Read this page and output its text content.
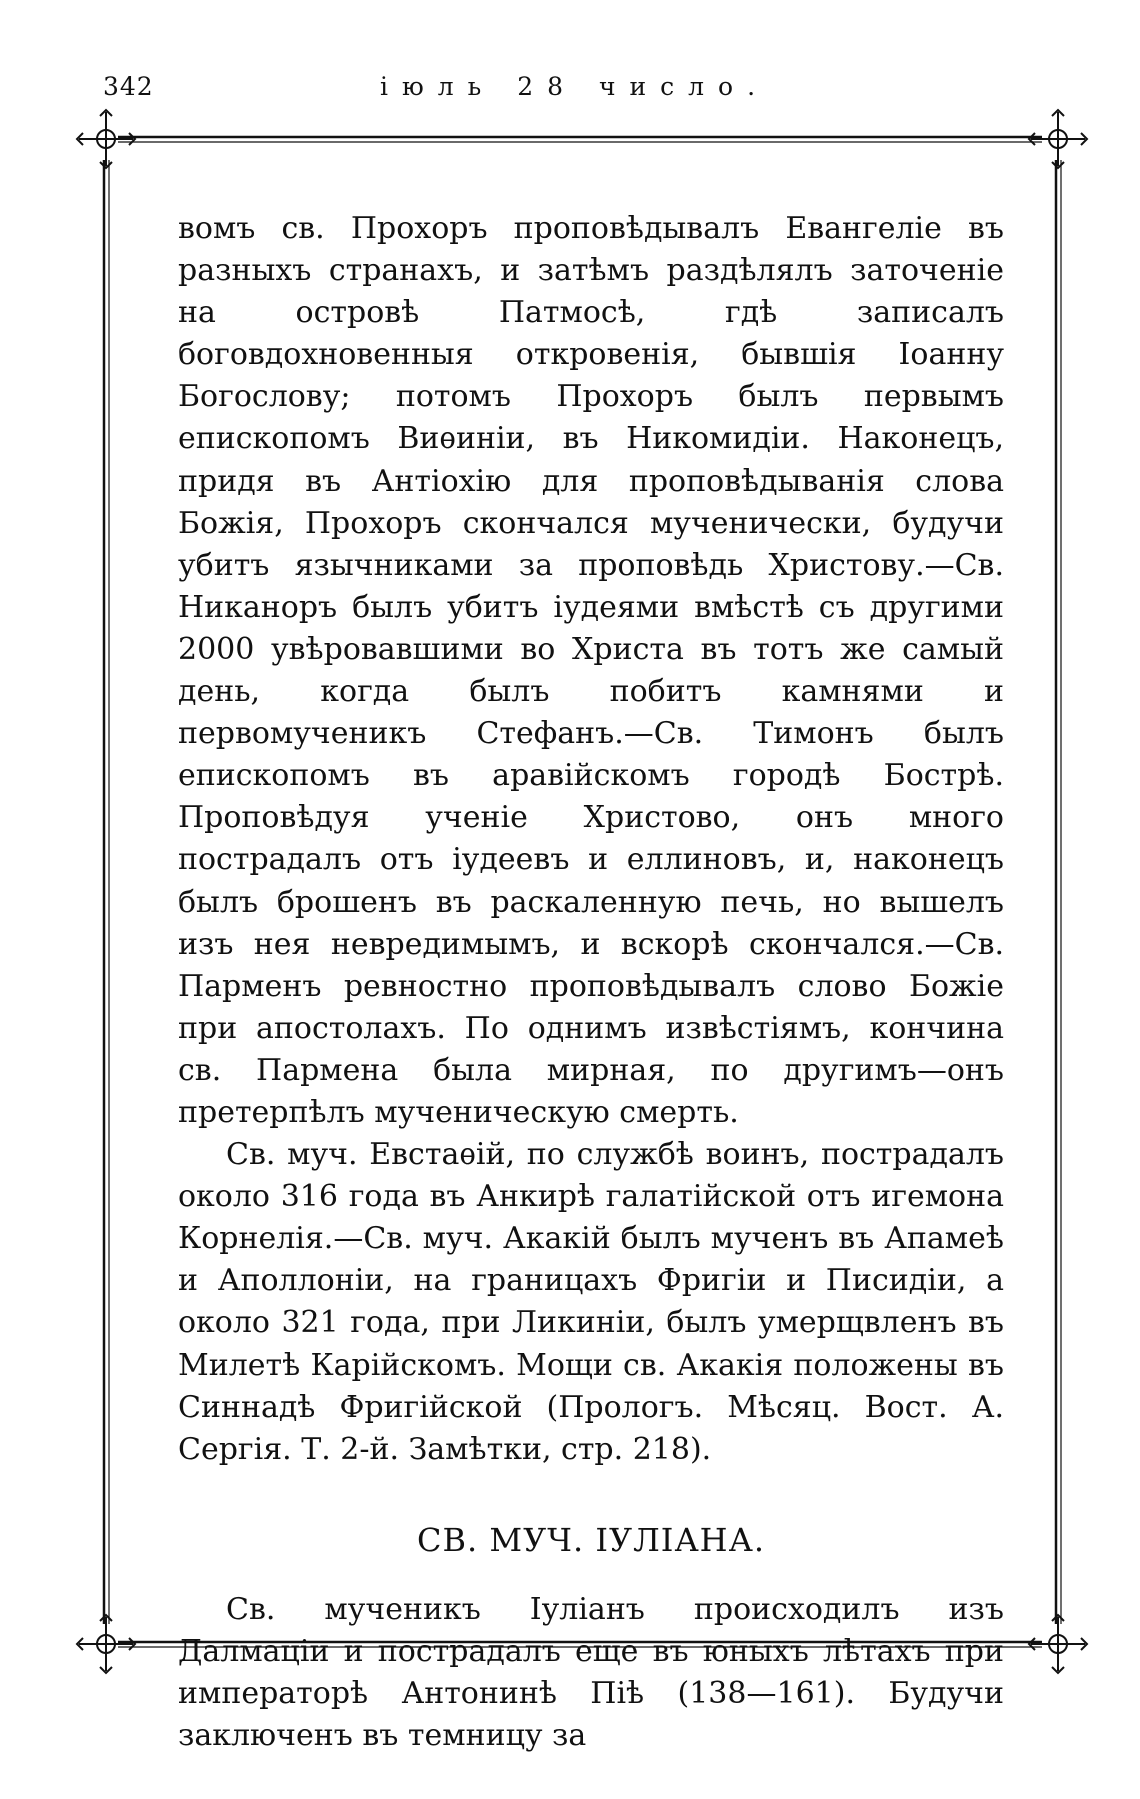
342	іюль 28 число.

вомъ св. Прохоръ проповѣдывалъ Евангеліе въ разныхъ странахъ, и затѣмъ раздѣлялъ заточеніе на островѣ Патмосѣ, гдѣ записалъ боговдохновенныя откровенія, бывшія Іоанну Богослову; потомъ Прохоръ былъ первымъ епископомъ Виѳиніи, въ Никомидіи. Наконецъ, придя въ Антіохію для проповѣдыванія слова Божія, Прохоръ скончался мученически, будучи убитъ язычниками за проповѣдь Христову.—Св. Никаноръ былъ убитъ іудеями вмѣстѣ съ другими 2000 увѣровавшими во Христа въ тотъ же самый день, когда былъ побитъ камнями и первомученикъ Стефанъ.—Св. Тимонъ былъ епископомъ въ аравійскомъ городѣ Бострѣ. Проповѣдуя ученіе Христово, онъ много пострадалъ отъ іудеевъ и еллиновъ, и, наконецъ былъ брошенъ въ раскаленную печь, но вышелъ изъ нея невредимымъ, и вскорѣ скончался.—Св. Парменъ ревностно проповѣдывалъ слово Божіе при апостолахъ. По однимъ извѣстіямъ, кончина св. Пармена была мирная, по другимъ—онъ претерпѣлъ мученическую смерть.

Св. муч. Евстаѳій, по службѣ воинъ, пострадалъ около 316 года въ Анкирѣ галатійской отъ игемона Корнелія.—Св. муч. Акакій былъ мученъ въ Апамеѣ и Аполлоніи, на границахъ Фригіи и Писидіи, а около 321 года, при Ликиніи, былъ умерщвленъ въ Милетѣ Карійскомъ. Мощи св. Акакія положены въ Синнадѣ Фригійской (Прологъ. Мѣсяц. Вост. А. Сергія. Т. 2-й. Замѣтки, стр. 218).

СВ. МУЧ. ІУЛІАНА.

Св. мученикъ Іуліанъ происходилъ изъ Далмаціи и пострадалъ еще въ юныхъ лѣтахъ при императорѣ Антонинѣ Піѣ (138—161). Будучи заключенъ въ темницу за
